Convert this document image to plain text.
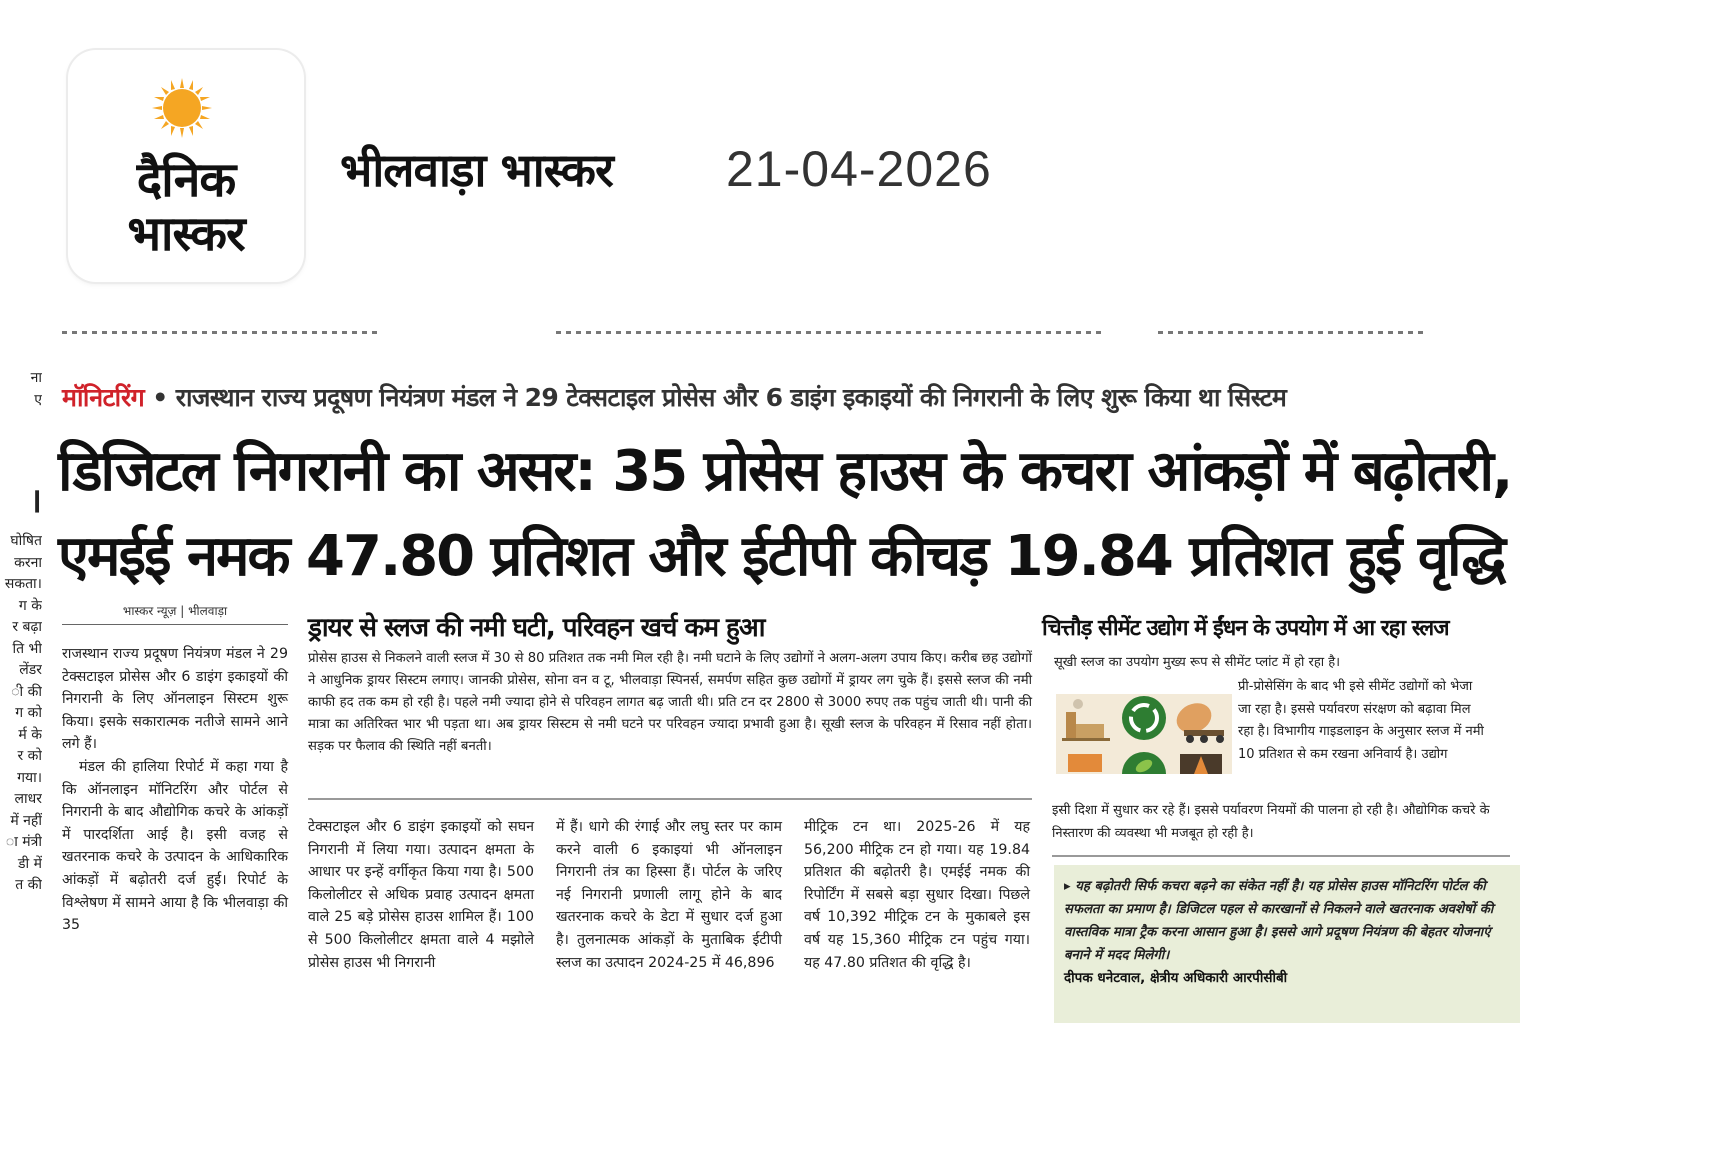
दैनिक
भास्कर
भीलवाड़ा भास्कर 21-04-2026
ना
ए
।
घोषित
करना
सकता।
ग के
र बढ़ा
ति भी
लेंडर
ी की
ग को
र्म के
र को
गया।
लाधर
में नहीं
ा मंत्री
डी में
त की
मॉनिटरिंग • राजस्थान राज्य प्रदूषण नियंत्रण मंडल ने 29 टेक्सटाइल प्रोसेस और 6 डाइंग इकाइयों की निगरानी के लिए शुरू किया था सिस्टम
डिजिटल निगरानी का असर: 35 प्रोसेस हाउस के कचरा आंकड़ों में बढ़ोतरी,
एमईई नमक 47.80 प्रतिशत और ईटीपी कीचड़ 19.84 प्रतिशत हुई वृद्धि
भास्कर न्यूज़ | भीलवाड़ा

राजस्थान राज्य प्रदूषण नियंत्रण मंडल ने 29 टेक्सटाइल प्रोसेस और 6 डाइंग इकाइयों की निगरानी के लिए ऑनलाइन सिस्टम शुरू किया। इसके सकारात्मक नतीजे सामने आने लगे हैं।

मंडल की हालिया रिपोर्ट में कहा गया है कि ऑनलाइन मॉनिटरिंग और पोर्टल से निगरानी के बाद औद्योगिक कचरे के आंकड़ों में पारदर्शिता आई है। इसी वजह से खतरनाक कचरे के उत्पादन के आधिकारिक आंकड़ों में बढ़ोतरी दर्ज हुई। रिपोर्ट के विश्लेषण में सामने आया है कि भीलवाड़ा की 35

ड्रायर से स्लज की नमी घटी, परिवहन खर्च कम हुआ
प्रोसेस हाउस से निकलने वाली स्लज में 30 से 80 प्रतिशत तक नमी मिल रही है। नमी घटाने के लिए उद्योगों ने अलग-अलग उपाय किए। करीब छह उद्योगों ने आधुनिक ड्रायर सिस्टम लगाए। जानकी प्रोसेस, सोना वन व टू, भीलवाड़ा स्पिनर्स, समर्पण सहित कुछ उद्योगों में ड्रायर लग चुके हैं। इससे स्लज की नमी काफी हद तक कम हो रही है। पहले नमी ज्यादा होने से परिवहन लागत बढ़ जाती थी। प्रति टन दर 2800 से 3000 रुपए तक पहुंच जाती थी। पानी की मात्रा का अतिरिक्त भार भी पड़ता था। अब ड्रायर सिस्टम से नमी घटने पर परिवहन ज्यादा प्रभावी हुआ है। सूखी स्लज के परिवहन में रिसाव नहीं होता। सड़क पर फैलाव की स्थिति नहीं बनती।
टेक्सटाइल और 6 डाइंग इकाइयों को सघन निगरानी में लिया गया। उत्पादन क्षमता के आधार पर इन्हें वर्गीकृत किया गया है। 500 किलोलीटर से अधिक प्रवाह उत्पादन क्षमता वाले 25 बड़े प्रोसेस हाउस शामिल हैं। 100 से 500 किलोलीटर क्षमता वाले 4 मझोले प्रोसेस हाउस भी निगरानी
में हैं। धागे की रंगाई और लघु स्तर पर काम करने वाली 6 इकाइयां भी ऑनलाइन निगरानी तंत्र का हिस्सा हैं। पोर्टल के जरिए नई निगरानी प्रणाली लागू होने के बाद खतरनाक कचरे के डेटा में सुधार दर्ज हुआ है। तुलनात्मक आंकड़ों के मुताबिक ईटीपी स्लज का उत्पादन 2024-25 में 46,896
मीट्रिक टन था। 2025-26 में यह 56,200 मीट्रिक टन हो गया। यह 19.84 प्रतिशत की बढ़ोतरी है। एमईई नमक की रिपोर्टिंग में सबसे बड़ा सुधार दिखा। पिछले वर्ष 10,392 मीट्रिक टन के मुकाबले इस वर्ष यह 15,360 मीट्रिक टन पहुंच गया। यह 47.80 प्रतिशत की वृद्धि है।
चित्तौड़ सीमेंट उद्योग में ईंधन के उपयोग में आ रहा स्लज
सूखी स्लज का उपयोग मुख्य रूप से सीमेंट प्लांट में हो रहा है।
प्री-प्रोसेसिंग के बाद भी इसे सीमेंट उद्योगों को भेजा जा रहा है। इससे पर्यावरण संरक्षण को बढ़ावा मिल रहा है। विभागीय गाइडलाइन के अनुसार स्लज में नमी 10 प्रतिशत से कम रखना अनिवार्य है। उद्योग
इसी दिशा में सुधार कर रहे हैं। इससे पर्यावरण नियमों की पालना हो रही है। औद्योगिक कचरे के निस्तारण की व्यवस्था भी मजबूत हो रही है।
▸ यह बढ़ोतरी सिर्फ कचरा बढ़ने का संकेत नहीं है। यह प्रोसेस हाउस मॉनिटरिंग पोर्टल की सफलता का प्रमाण है। डिजिटल पहल से कारखानों से निकलने वाले खतरनाक अवशेषों की वास्तविक मात्रा ट्रैक करना आसान हुआ है। इससे आगे प्रदूषण नियंत्रण की बेहतर योजनाएं बनाने में मदद मिलेगी।
दीपक धनेटवाल, क्षेत्रीय अधिकारी आरपीसीबी
